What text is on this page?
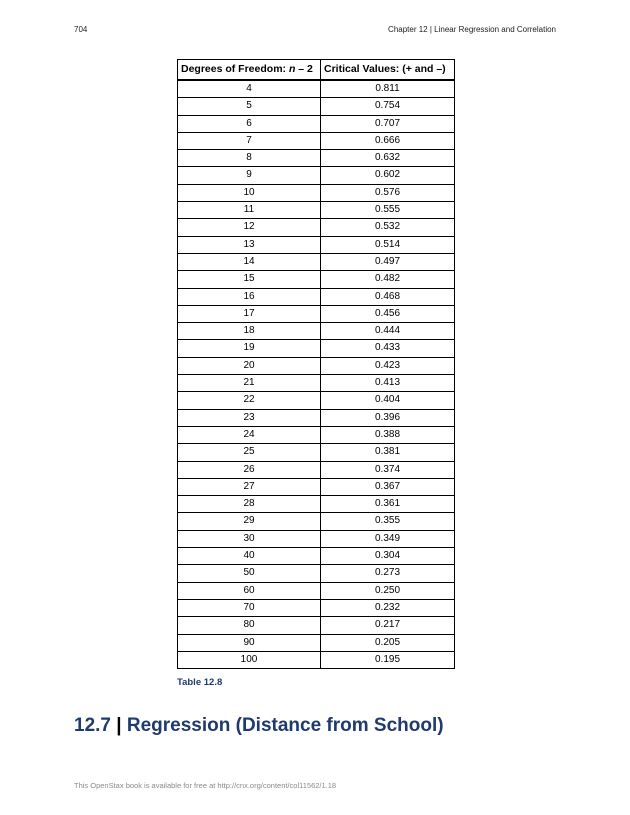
704	Chapter 12 | Linear Regression and Correlation
Degrees of Freedom: n – 2	Critical Values: (+ and –)
4	0.811
5	0.754
6	0.707
7	0.666
8	0.632
9	0.602
10	0.576
11	0.555
12	0.532
13	0.514
14	0.497
15	0.482
16	0.468
17	0.456
18	0.444
19	0.433
20	0.423
21	0.413
22	0.404
23	0.396
24	0.388
25	0.381
26	0.374
27	0.367
28	0.361
29	0.355
30	0.349
40	0.304
50	0.273
60	0.250
70	0.232
80	0.217
90	0.205
100	0.195
Table 12.8
12.7 | Regression (Distance from School)
This OpenStax book is available for free at http://cnx.org/content/col11562/1.18
